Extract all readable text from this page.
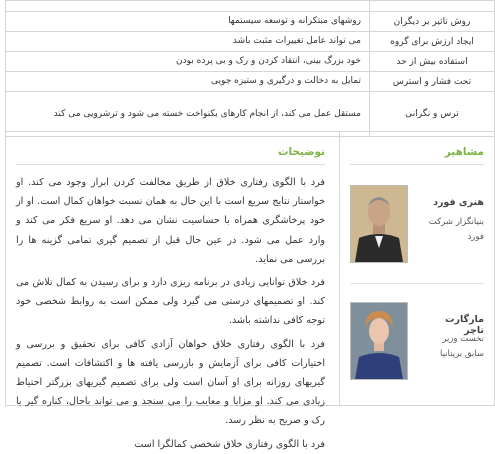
روش تاثیر بر دیگران	روشهای مبتکرانه و توسعه سیستمها
ایجاد ارزش برای گروه	می تواند عامل تغییرات مثبت باشد
استفاده بیش از حد	خود بزرگ بینی، انتقاد کردن و رک و بی پرده بودن
تحت فشار و استرس	تمایل به دخالت و درگیری و ستیزه جویی
ترس و نگرانی	مستقل عمل می کند، از انجام کارهای یکنواخت خسته می شود و ترشرویی می کند
مشاهیر
هنری فورد
بنیانگزار شرکت فورد
مارگارت تاچر
نخست وزیر سابق بریتانیا
توضیحات

فرد با الگوی رفتاری خلاق از طریق مخالفت کردن ابراز وجود می کند. او خواستار نتایج سریع است با این حال به همان نسبت خواهان کمال است. او از خود پرخاشگری همراه با حساسیت نشان می دهد. او سریع فکر می کند و وارد عمل می شود. در عین حال قبل از تصمیم گیری تمامی گزینه ها را بررسی می نماید.

فرد خلاق توانایی زیادی در برنامه ریزی دارد و برای رسیدن به کمال تلاش می کند. او تصمیمهای درستی می گیرد ولی ممکن است به روابط شخصی خود توجه کافی نداشته باشد.

فرد با الگوی رفتاری خلاق خواهان آزادی کافی برای تحقیق و بررسی و اختیارات کافی برای آزمایش و بازرسی یافته ها و اکتشافات است. تصمیم گیریهای روزانه برای او آسان است ولی برای تصمیم گیریهای بزرگتر احتیاط زیادی می کند. او مزایا و معایب را می سنجد و می تواند باحال، کناره گیر یا رک و صریح به نظر رسد.

فرد با الگوی رفتاری خلاق شخصی کمالگرا است
